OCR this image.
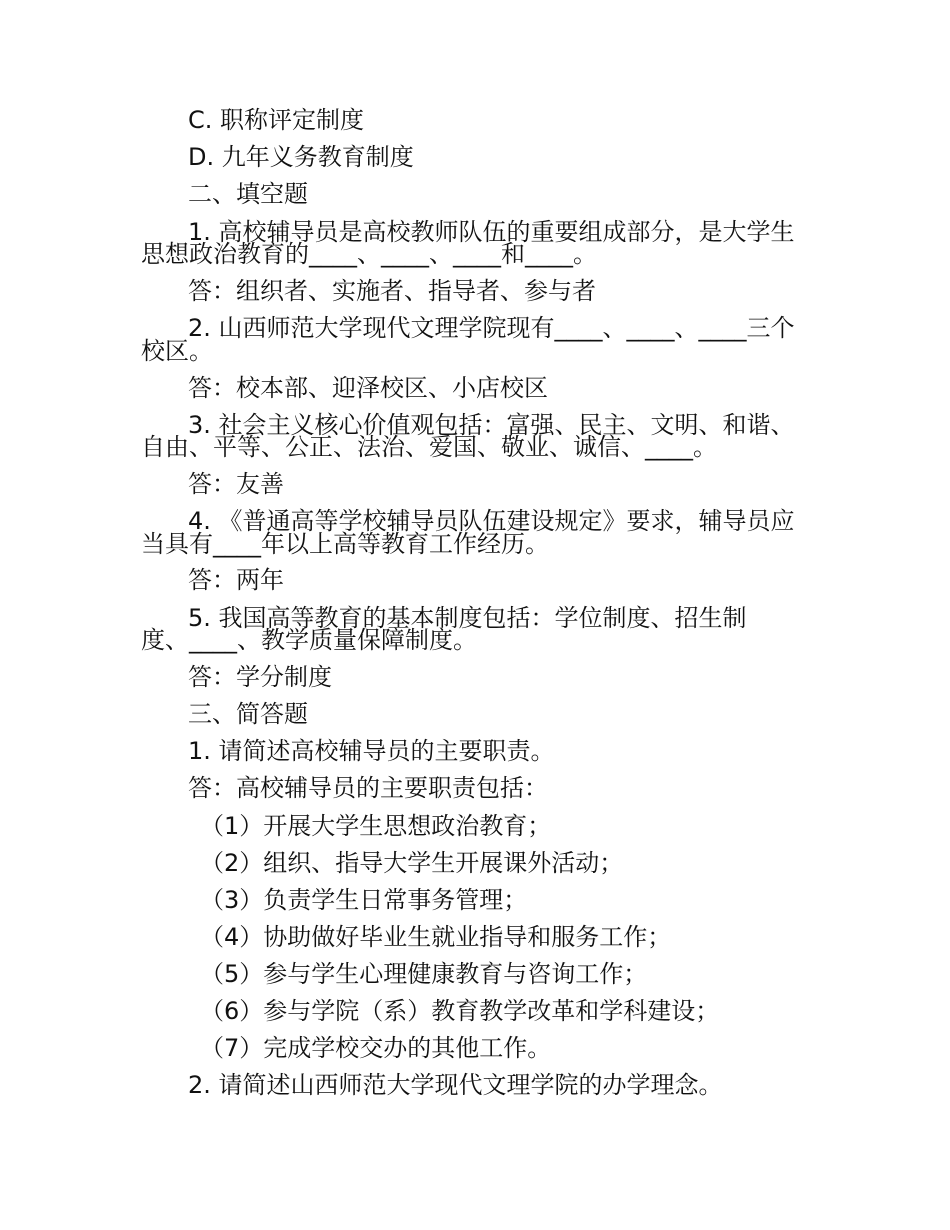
C. 职称评定制度
D. 九年义务教育制度
二、填空题
1. 高校辅导员是高校教师队伍的重要组成部分，是大学生
思想政治教育的____、____、____和____。
答：组织者、实施者、指导者、参与者
2. 山西师范大学现代文理学院现有____、____、____三个
校区。
答：校本部、迎泽校区、小店校区
3. 社会主义核心价值观包括：富强、民主、文明、和谐、
自由、平等、公正、法治、爱国、敬业、诚信、____。
答：友善
4. 《普通高等学校辅导员队伍建设规定》要求，辅导员应
当具有____年以上高等教育工作经历。
答：两年
5. 我国高等教育的基本制度包括：学位制度、招生制
度、____、教学质量保障制度。
答：学分制度
三、简答题
1. 请简述高校辅导员的主要职责。
答：高校辅导员的主要职责包括：
（1）开展大学生思想政治教育；
（2）组织、指导大学生开展课外活动；
（3）负责学生日常事务管理；
（4）协助做好毕业生就业指导和服务工作；
（5）参与学生心理健康教育与咨询工作；
（6）参与学院（系）教育教学改革和学科建设；
（7）完成学校交办的其他工作。
2. 请简述山西师范大学现代文理学院的办学理念。
